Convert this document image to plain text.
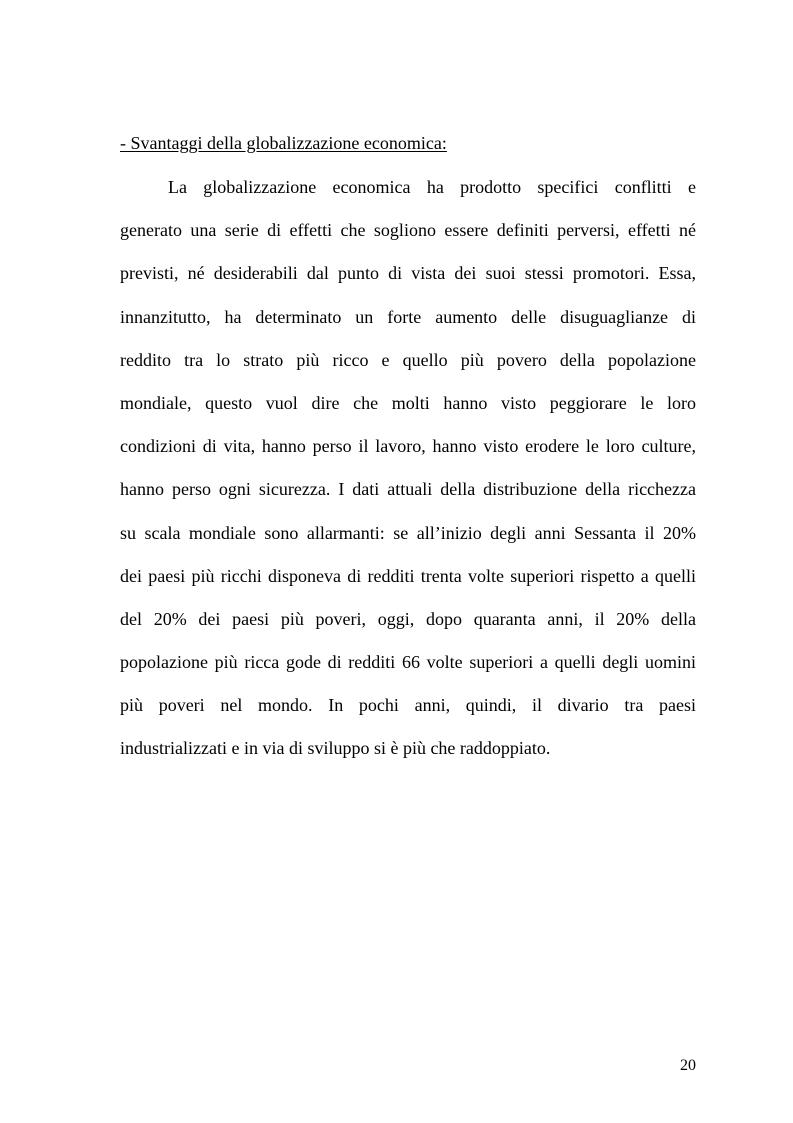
- Svantaggi della globalizzazione economica:
La globalizzazione economica ha prodotto specifici conflitti e
generato una serie di effetti che sogliono essere definiti perversi, effetti né
previsti, né desiderabili dal punto di vista dei suoi stessi promotori. Essa,
innanzitutto, ha determinato un forte aumento delle disuguaglianze di
reddito tra lo strato più ricco e quello più povero della popolazione
mondiale, questo vuol dire che molti hanno visto peggiorare le loro
condizioni di vita, hanno perso il lavoro, hanno visto erodere le loro culture,
hanno perso ogni sicurezza. I dati attuali della distribuzione della ricchezza
su scala mondiale sono allarmanti: se all’inizio degli anni Sessanta il 20%
dei paesi più ricchi disponeva di redditi trenta volte superiori rispetto a quelli
del 20% dei paesi più poveri, oggi, dopo quaranta anni, il 20% della
popolazione più ricca gode di redditi 66 volte superiori a quelli degli uomini
più poveri nel mondo. In pochi anni, quindi, il divario tra paesi
industrializzati e in via di sviluppo si è più che raddoppiato.
20
